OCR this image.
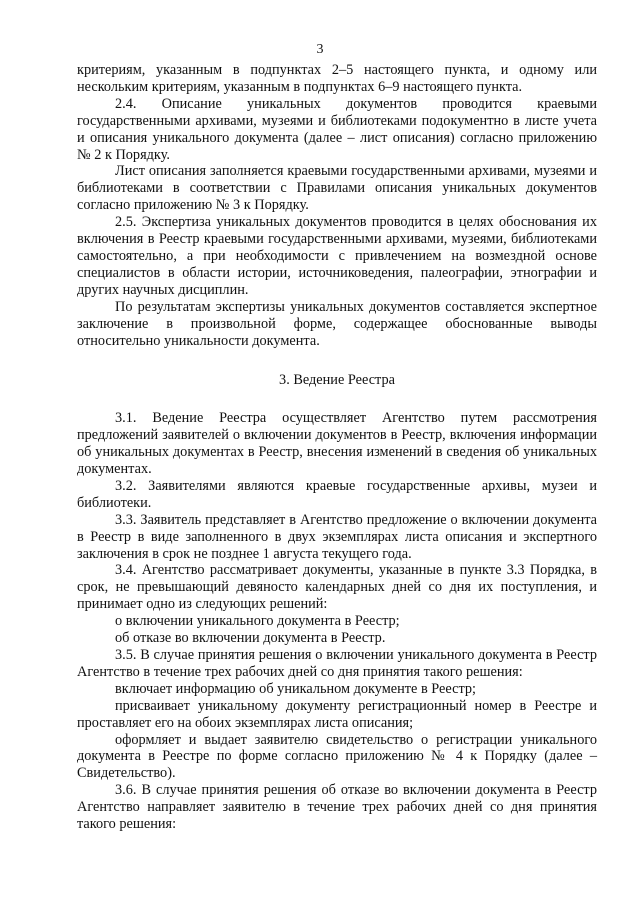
3

критериям, указанным в подпунктах 2–5 настоящего пункта, и одному или нескольким критериям, указанным в подпунктах 6–9 настоящего пункта.

2.4. Описание уникальных документов проводится краевыми государственными архивами, музеями и библиотеками подокументно в листе учета и описания уникального документа (далее – лист описания) согласно приложению № 2 к Порядку.

Лист описания заполняется краевыми государственными архивами, музеями и библиотеками в соответствии с Правилами описания уникальных документов согласно приложению № 3 к Порядку.

2.5. Экспертиза уникальных документов проводится в целях обоснования их включения в Реестр краевыми государственными архивами, музеями, библиотеками самостоятельно, а при необходимости с привлечением на возмездной основе специалистов в области истории, источниковедения, палеографии, этнографии и других научных дисциплин.

По результатам экспертизы уникальных документов составляется экспертное заключение в произвольной форме, содержащее обоснованные выводы относительно уникальности документа.

3. Ведение Реестра

3.1. Ведение Реестра осуществляет Агентство путем рассмотрения предложений заявителей о включении документов в Реестр, включения информации об уникальных документах в Реестр, внесения изменений в сведения об уникальных документах.

3.2. Заявителями являются краевые государственные архивы, музеи и библиотеки.

3.3. Заявитель представляет в Агентство предложение о включении документа в Реестр в виде заполненного в двух экземплярах листа описания и экспертного заключения в срок не позднее 1 августа текущего года.

3.4. Агентство рассматривает документы, указанные в пункте 3.3 Порядка, в срок, не превышающий девяносто календарных дней со дня их поступления, и принимает одно из следующих решений:

о включении уникального документа в Реестр;

об отказе во включении документа в Реестр.

3.5. В случае принятия решения о включении уникального документа в Реестр Агентство в течение трех рабочих дней со дня принятия такого решения:

включает информацию об уникальном документе в Реестр;

присваивает уникальному документу регистрационный номер в Реестре и проставляет его на обоих экземплярах листа описания;

оформляет и выдает заявителю свидетельство о регистрации уникального документа в Реестре по форме согласно приложению № 4 к Порядку (далее – Свидетельство).

3.6. В случае принятия решения об отказе во включении документа в Реестр Агентство направляет заявителю в течение трех рабочих дней со дня принятия такого решения:
